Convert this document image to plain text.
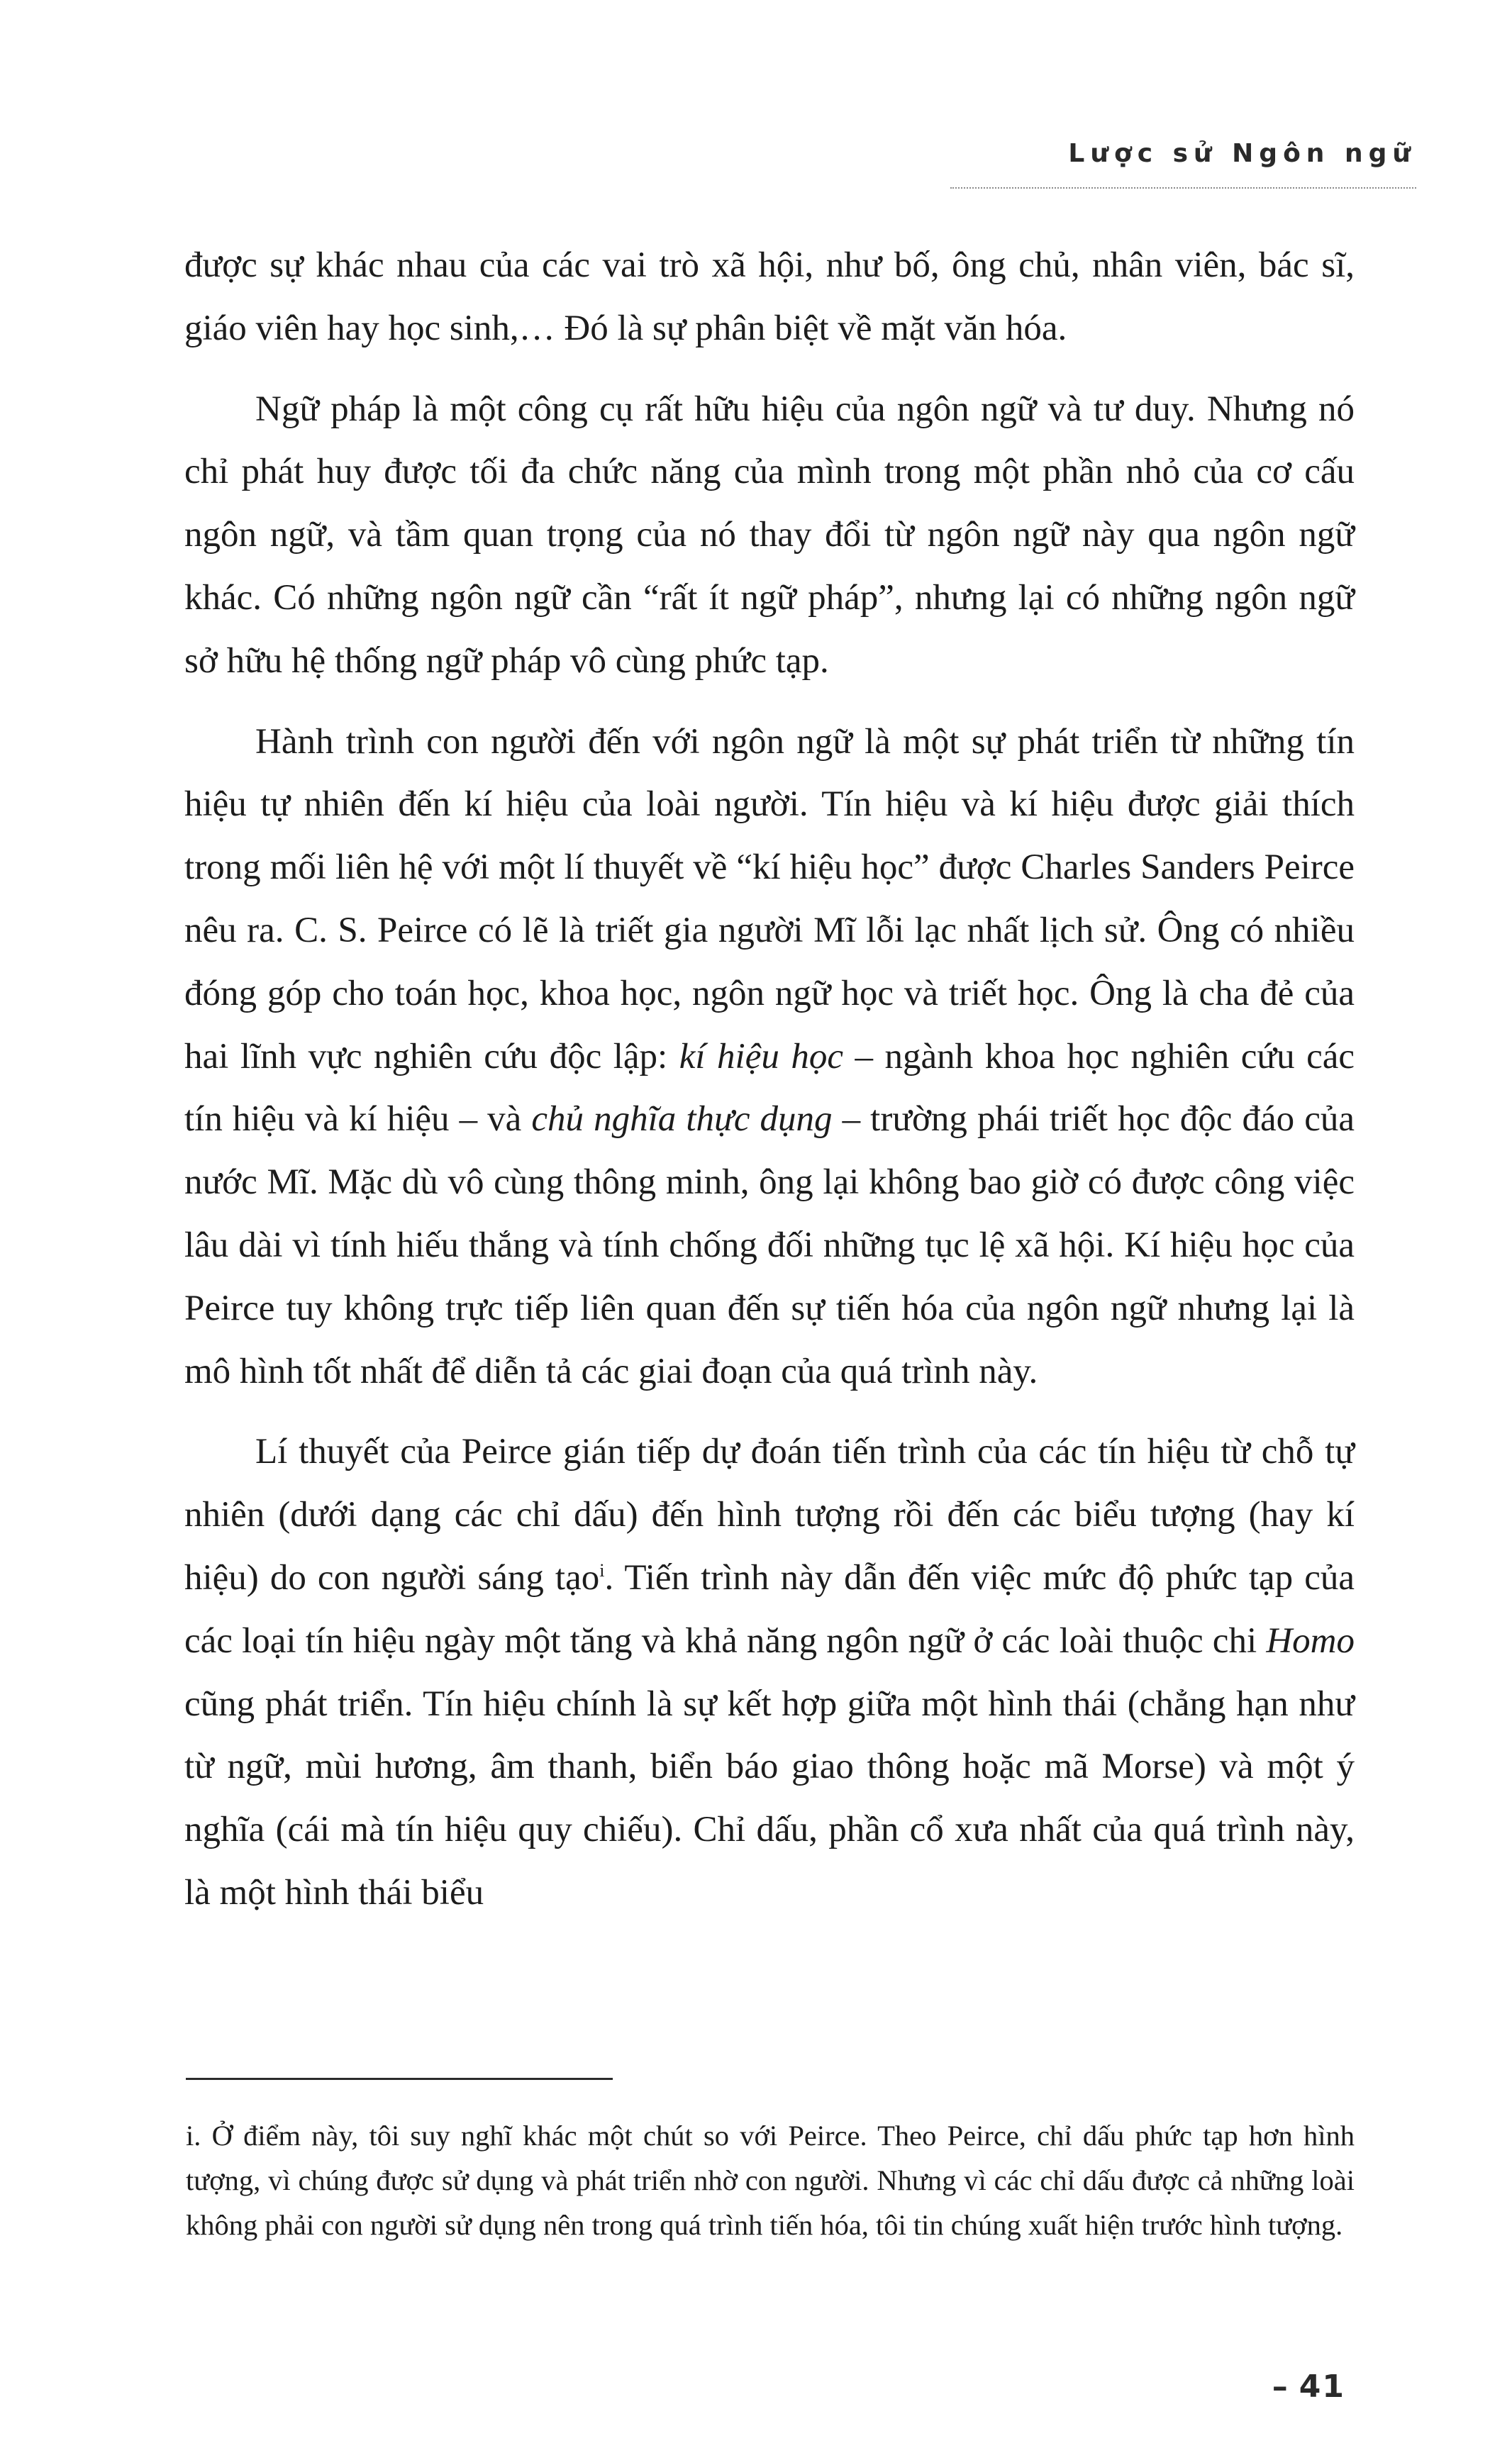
Lược sử Ngôn ngữ

được sự khác nhau của các vai trò xã hội, như bố, ông chủ, nhân viên, bác sĩ, giáo viên hay học sinh,… Đó là sự phân biệt về mặt văn hóa.

Ngữ pháp là một công cụ rất hữu hiệu của ngôn ngữ và tư duy. Nhưng nó chỉ phát huy được tối đa chức năng của mình trong một phần nhỏ của cơ cấu ngôn ngữ, và tầm quan trọng của nó thay đổi từ ngôn ngữ này qua ngôn ngữ khác. Có những ngôn ngữ cần “rất ít ngữ pháp”, nhưng lại có những ngôn ngữ sở hữu hệ thống ngữ pháp vô cùng phức tạp.

Hành trình con người đến với ngôn ngữ là một sự phát triển từ những tín hiệu tự nhiên đến kí hiệu của loài người. Tín hiệu và kí hiệu được giải thích trong mối liên hệ với một lí thuyết về “kí hiệu học” được Charles Sanders Peirce nêu ra. C. S. Peirce có lẽ là triết gia người Mĩ lỗi lạc nhất lịch sử. Ông có nhiều đóng góp cho toán học, khoa học, ngôn ngữ học và triết học. Ông là cha đẻ của hai lĩnh vực nghiên cứu độc lập: kí hiệu học – ngành khoa học nghiên cứu các tín hiệu và kí hiệu – và chủ nghĩa thực dụng – trường phái triết học độc đáo của nước Mĩ. Mặc dù vô cùng thông minh, ông lại không bao giờ có được công việc lâu dài vì tính hiếu thắng và tính chống đối những tục lệ xã hội. Kí hiệu học của Peirce tuy không trực tiếp liên quan đến sự tiến hóa của ngôn ngữ nhưng lại là mô hình tốt nhất để diễn tả các giai đoạn của quá trình này.

Lí thuyết của Peirce gián tiếp dự đoán tiến trình của các tín hiệu từ chỗ tự nhiên (dưới dạng các chỉ dấu) đến hình tượng rồi đến các biểu tượng (hay kí hiệu) do con người sáng tạo$^i$. Tiến trình này dẫn đến việc mức độ phức tạp của các loại tín hiệu ngày một tăng và khả năng ngôn ngữ ở các loài thuộc chi Homo cũng phát triển. Tín hiệu chính là sự kết hợp giữa một hình thái (chẳng hạn như từ ngữ, mùi hương, âm thanh, biển báo giao thông hoặc mã Morse) và một ý nghĩa (cái mà tín hiệu quy chiếu). Chỉ dấu, phần cổ xưa nhất của quá trình này, là một hình thái biểu

i. Ở điểm này, tôi suy nghĩ khác một chút so với Peirce. Theo Peirce, chỉ dấu phức tạp hơn hình tượng, vì chúng được sử dụng và phát triển nhờ con người. Nhưng vì các chỉ dấu được cả những loài không phải con người sử dụng nên trong quá trình tiến hóa, tôi tin chúng xuất hiện trước hình tượng.

– 41
